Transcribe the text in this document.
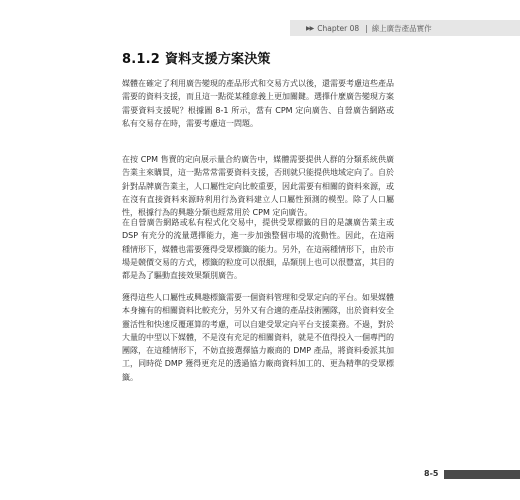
▶▶ Chapter 08 | 線上廣告產品實作
8.1.2 資料支援方案決策

媒體在確定了利用廣告變現的產品形式和交易方式以後，還需要考慮這些產品需要的資料支援，而且這一點從某種意義上更加關鍵。選擇什麼廣告變現方案需要資料支援呢？根據圖 8-1 所示，當有 CPM 定向廣告、自營廣告網路或私有交易存在時，需要考慮這一問題。

在按 CPM 售賣的定向展示量合約廣告中，媒體需要提供人群的分類系統供廣告業主來購買，這一點常常需要資料支援，否則就只能提供地域定向了。自於針對品牌廣告業主，人口屬性定向比較重要，因此需要有相關的資料來源，或在沒有直接資料來源時利用行為資料建立人口屬性預測的模型。除了人口屬性，根據行為的興趣分類也經常用於 CPM 定向廣告。

在自營廣告網路或私有程式化交易中，提供受眾標籤的目的是讓廣告業主或 DSP 有充分的流量選擇能力，進一步加強整個市場的流動性。因此，在這兩種情形下，媒體也需要獲得受眾標籤的能力。另外，在這兩種情形下，由於市場是競價交易的方式，標籤的粒度可以很細，品類別上也可以很豐富，其目的都是為了驅動直接效果類別廣告。

獲得這些人口屬性或興趣標籤需要一個資料管理和受眾定向的平台。如果媒體本身擁有的相關資料比較充分，另外又有合適的產品技術團隊，出於資料安全靈活性和快速反覆運算的考慮，可以自建受眾定向平台支援業務。不過，對於大量的中型以下媒體，不是沒有充足的相關資料，就是不值得投入一個專門的團隊，在這種情形下，不妨直接選擇協力廠商的 DMP 產品，將資料委派其加工，同時從 DMP 獲得更充足的透過協力廠商資料加工的、更為精準的受眾標籤。

8-5
